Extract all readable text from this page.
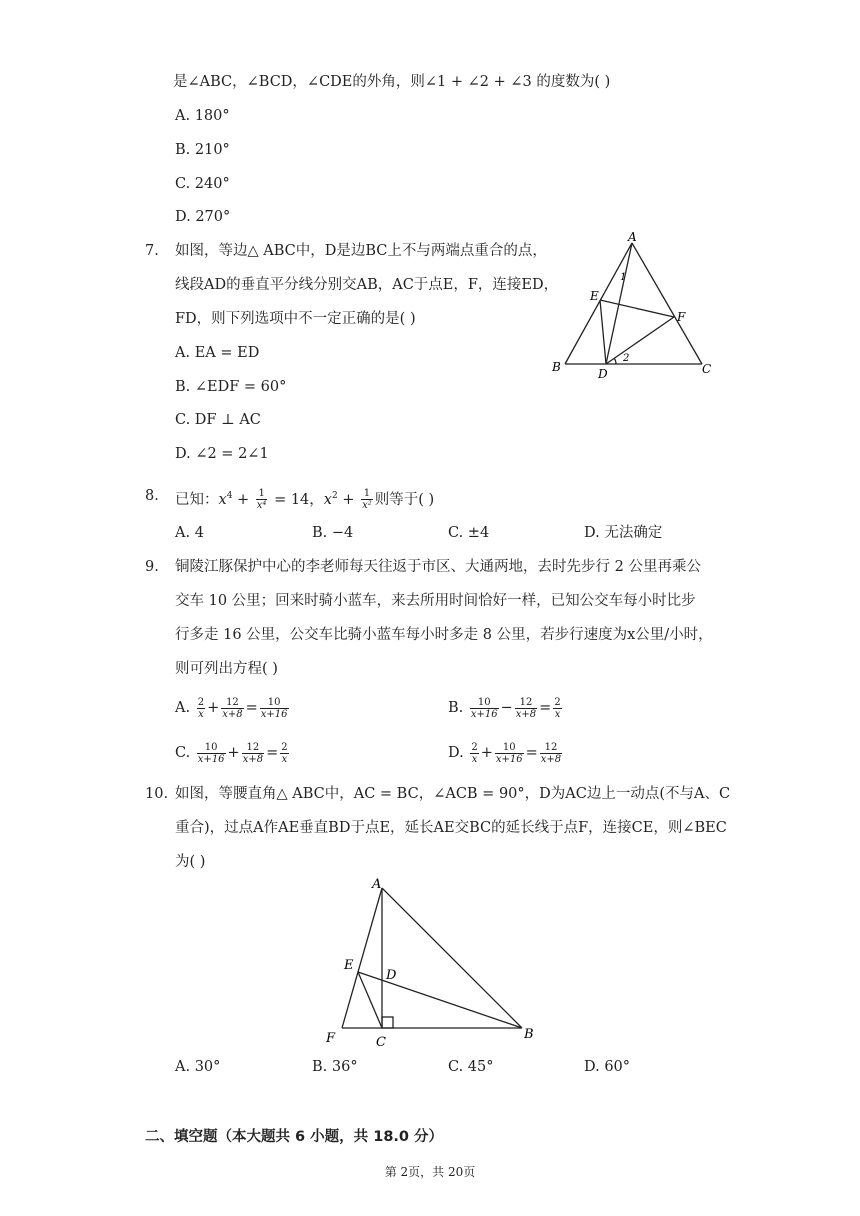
是∠ABC，∠BCD，∠CDE的外角，则∠1 + ∠2 + ∠3 的度数为( )
A. 180°
B. 210°
C. 240°
D. 270°
7. 如图，等边△ ABC中，D是边BC上不与两端点重合的点，
线段AD的垂直平分线分别交AB，AC于点E，F，连接ED，
FD，则下列选项中不一定正确的是( )
A. EA = ED
B. ∠EDF = 60°
C. DF ⊥ AC
D. ∠2 = 2∠1
A
B	C
D
E
F
1
2
8. 已知：$x^4 + \frac{1}{\text{x⁴}} = 14$，$x^2 + \frac{1}{\text{x²}}$ 则等于( )
A. 4	B. −4	C. ±4	D. 无法确定
9. 铜陵江豚保护中心的李老师每天往返于市区、大通两地，去时先步行 2 公里再乘公
交车 10 公里；回来时骑小蓝车，来去所用时间恰好一样，已知公交车每小时比步
行多走 16 公里，公交车比骑小蓝车每小时多走 8 公里，若步行速度为x公里/小时，
则可列出方程( )
A. $\frac{2}{x} + \frac{12}{x+8} = \frac{10}{x+16}$	B. $\frac{10}{x+16} - \frac{12}{x+8} = \frac{2}{x}$
C. $\frac{10}{x+16} + \frac{12}{x+8} = \frac{2}{x}$	D. $\frac{2}{x} + \frac{10}{x+16} = \frac{12}{x+8}$
10. 如图，等腰直角△ ABC中，AC = BC，∠ACB = 90°，D为AC边上一动点(不与A、C
重合)，过点A作AE垂直BD于点E，延长AE交BC的延长线于点F，连接CE，则∠BEC
为( )
A
B
C
D
E
F
A. 30°	B. 36°	C. 45°	D. 60°
二、填空题（本大题共 6 小题，共 18.0 分）
第 2页，共 20页
